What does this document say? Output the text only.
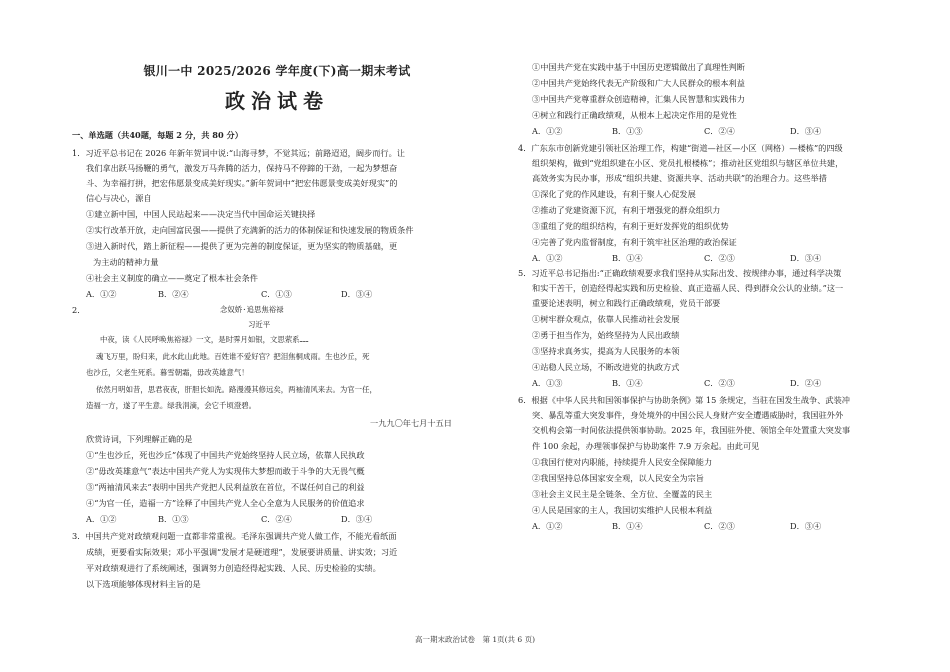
银川一中 2025/2026 学年度(下)高一期末考试
政治试卷
一、单选题（共40题，每题 2 分，共 80 分）
1．习近平总书记在 2026 年新年贺词中说:“山海寻梦，不觉其远；前路迢迢，阔步而行。让
我们拿出跃马扬鞭的勇气，激发万马奔腾的活力，保持马不停蹄的干劲，一起为梦想奋
斗、为幸福打拼，把宏伟愿景变成美好现实。”新年贺词中“把宏伟愿景变成美好现实”的
信心与决心，源自
①建立新中国，中国人民站起来——决定当代中国命运关键抉择
②实行改革开放，走向国富民强——提供了充满新的活力的体制保证和快速发展的物质条件
③进入新时代，踏上新征程——提供了更为完善的制度保证，更为坚实的物质基础，更
为主动的精神力量
④社会主义制度的确立——奠定了根本社会条件
A．①②	B．②④	C．①③	D．③④
2．	念奴娇·追思焦裕禄
习近平
中夜，读《人民呼唤焦裕禄》一文，是时霁月如银，文思萦系……
魂飞万里，盼归来，此水此山此地。百姓谁不爱好官？把泪焦桐成雨。生也沙丘，死
也沙丘，父老生死系。暮雪朝霜，毋改英雄意气！
依然月明如昔，思君夜夜，肝胆长如洗。路漫漫其修远矣，两袖清风来去。为官一任，
造福一方，遂了平生意。绿我涓滴，会它千顷澄碧。
一九九〇年七月十五日
欣赏诗词，下列理解正确的是
①“生也沙丘，死也沙丘”体现了中国共产党始终坚持人民立场，依靠人民执政
②“毋改英雄意气”表达中国共产党人为实现伟大梦想而敢于斗争的大无畏气概
③“两袖清风来去”表明中国共产党把人民利益放在首位，不谋任何自己的利益
④“为官一任，造福一方”诠释了中国共产党人全心全意为人民服务的价值追求
A．①②	B．①③	C．②④	D．③④
3．中国共产党对政绩观问题一直都非常重视。毛泽东强调共产党人做工作，不能光看纸面
成绩，更要看实际效果；邓小平强调“发展才是硬道理”，发展要讲质量、讲实效；习近
平对政绩观进行了系统阐述，强调努力创造经得起实践、人民、历史检验的实绩。
以下选项能够体现材料主旨的是
①中国共产党在实践中基于中国历史逻辑做出了真理性判断
②中国共产党始终代表无产阶级和广大人民群众的根本利益
③中国共产党尊重群众创造精神，汇集人民智慧和实践伟力
④树立和践行正确政绩观，从根本上起决定作用的是党性
A．①②	B．①③	C．②④	D．③④
4．广东东市创新党建引领社区治理工作，构建“街道—社区—小区（网格）—楼栋”的四级
组织架构，做到“党组织建在小区、党员扎根楼栋”；推动社区党组织与辖区单位共建，
高效务实为民办事，形成“组织共建、资源共享、活动共联”的治理合力。这些举措
①深化了党的作风建设，有利于聚人心促发展
②推动了党建资源下沉，有利于增强党的群众组织力
③重组了党的组织结构，有利于更好发挥党的组织优势
④完善了党内监督制度，有利于筑牢社区治理的政治保证
A．①②	B．①④	C．②③	D．③④
5．习近平总书记指出:“正确政绩观要求我们坚持从实际出发、按规律办事，通过科学决策
和实干苦干，创造经得起实践和历史检验、真正造福人民、得到群众公认的业绩。”这一
重要论述表明，树立和践行正确政绩观，党员干部要
①树牢群众观点，依靠人民推动社会发展
②勇于担当作为，始终坚持为人民出政绩
③坚持求真务实，提高为人民服务的本领
④站稳人民立场，不断改进党的执政方式
A．①③	B．①④	C．②③	D．②④
6．根据《中华人民共和国领事保护与协助条例》第 15 条规定，当驻在国发生战争、武装冲
突、暴乱等重大突发事件，身处境外的中国公民人身财产安全遭遇威胁时，我国驻外外
交机构会第一时间依法提供领事协助。2025 年，我国驻外使、领馆全年处置重大突发事
件 100 余起，办理领事保护与协助案件 7.9 万余起。由此可见
①我国行使对内职能，持续提升人民安全保障能力
②我国坚持总体国家安全观，以人民安全为宗旨
③社会主义民主是全链条、全方位、全覆盖的民主
④人民是国家的主人，我国切实维护人民根本利益
A．①②	B．①④	C．②③	D．③④
高一期末政治试卷　第 1页(共 6 页)
